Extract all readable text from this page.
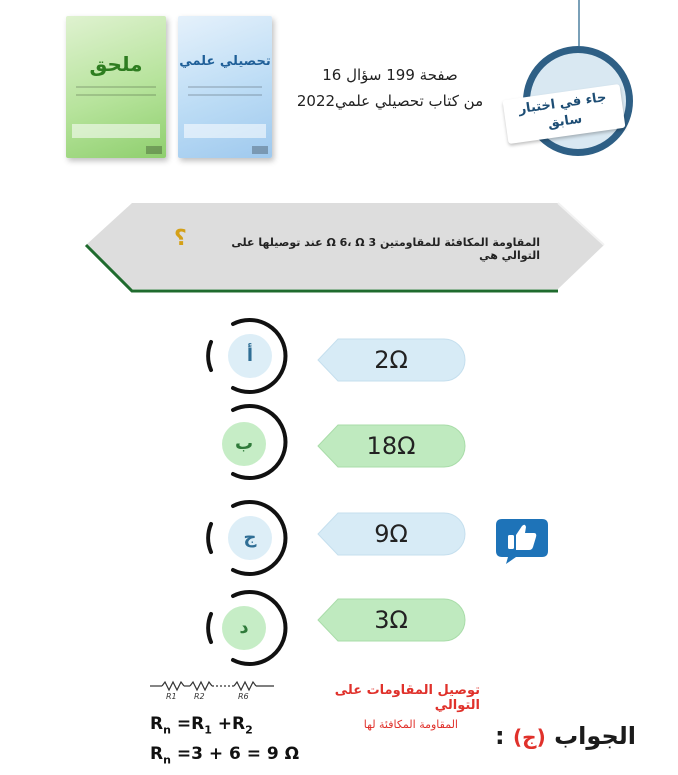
ملحق	تحصيلي علمي
صفحة 199 سؤال 16
من كتاب تحصيلي علمي2022	جاء في اختبار
سابق
المقاومة المكافئة للمقاومتين Ω 6، Ω 3 عند توصيلها على التوالي هي
؟
أ	2Ω
ب	18Ω
ج	9Ω
د	3Ω
R1 R2	R6	توصيل المقاومات على التوالي
المقاومة المكافئة لها
$R_n =R_1 +R_2$
$R_n =3 + 6 = 9$ Ω
الجواب (ج) :
